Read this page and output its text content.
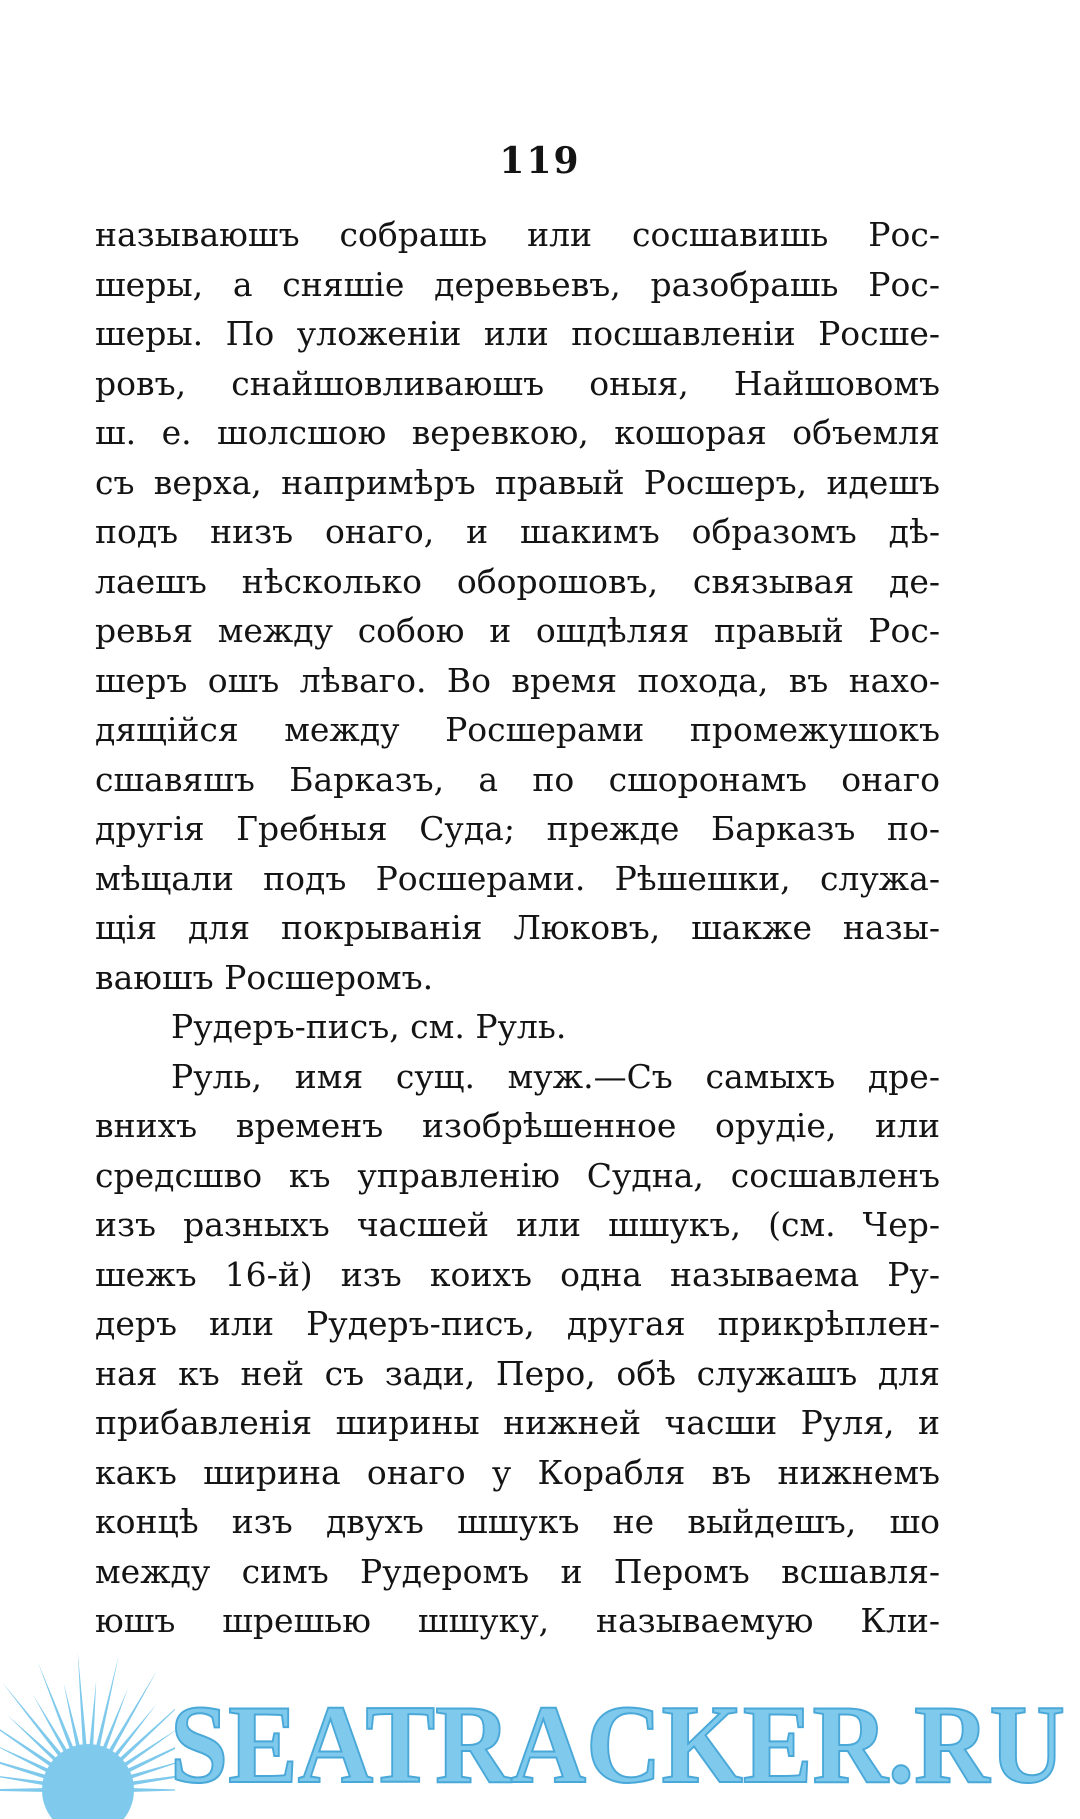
119
называюшъ собрашь или сосшавишь Рос-
шеры, а сняшіе деревьевъ, разобрашь Рос-
шеры. По уложеніи или посшавленіи Росше-
ровъ, снайшовливаюшъ оныя, Найшовомъ
ш. е. шолсшою веревкою, кошорая объемля
съ верха, напримѣръ правый Росшеръ, идешъ
подъ низъ онаго, и шакимъ образомъ дѣ-
лаешъ нѣсколько оборошовъ, связывая де-
ревья между собою и ошдѣляя правый Рос-
шеръ ошъ лѣваго. Во время похода, въ нахо-
дящійся между Росшерами промежушокъ
сшавяшъ Барказъ, а по сшоронамъ онаго
другія Гребныя Суда; прежде Барказъ по-
мѣщали подъ Росшерами. Рѣшешки, служа-
щія для покрыванія Люковъ, шакже назы-
ваюшъ Росшеромъ.
Рудеръ-писъ, см. Руль.
Руль, имя сущ. муж.—Съ самыхъ дре-
внихъ временъ изобрѣшенное орудіе, или
средсшво къ управленію Судна, сосшавленъ
изъ разныхъ часшей или шшукъ, (см. Чер-
шежъ 16-й) изъ коихъ одна называема Ру-
деръ или Рудеръ-писъ, другая прикрѣплен-
ная къ ней съ зади, Перо, обѣ служашъ для
прибавленія ширины нижней часши Руля, и
какъ ширина онаго у Корабля въ нижнемъ
концѣ изъ двухъ шшукъ не выйдешъ, шо
между симъ Рудеромъ и Перомъ всшавля-
юшъ шрешью шшуку, называемую Кли-
SEATRACKER.RU
